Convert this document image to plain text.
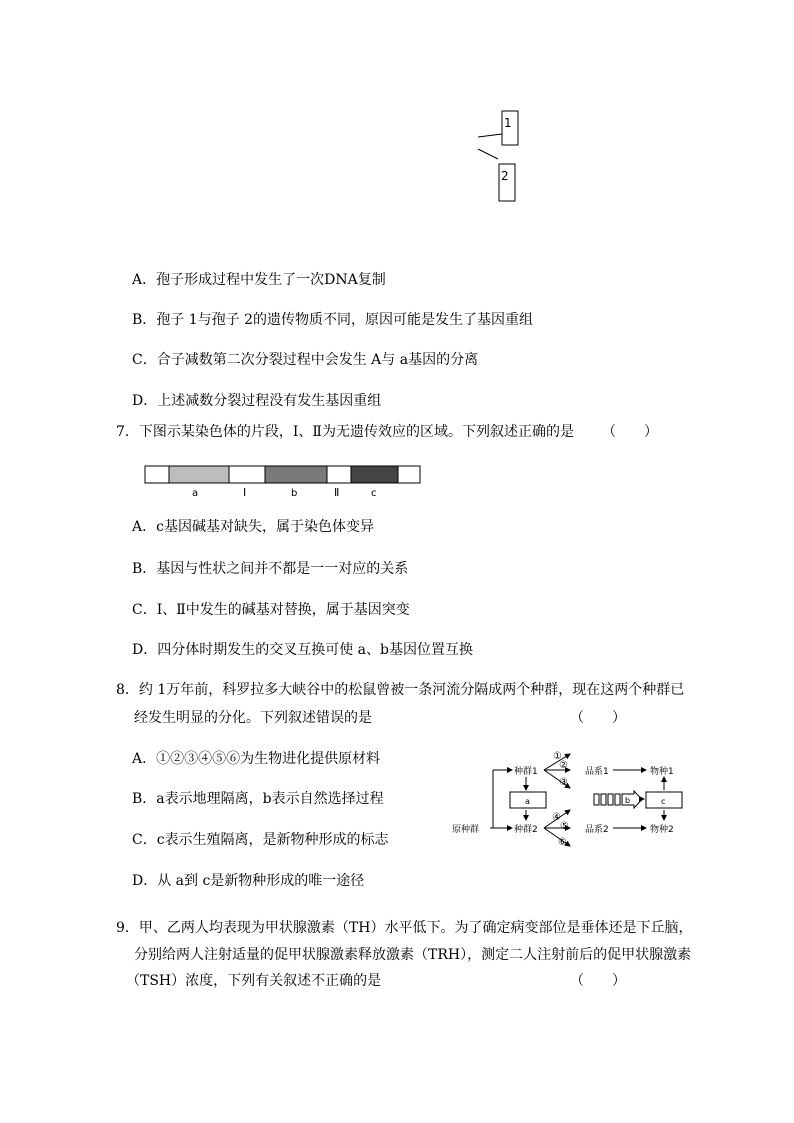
1
2
A．孢子形成过程中发生了一次DNA复制
B．孢子 1与孢子 2的遗传物质不同，原因可能是发生了基因重组
C．合子减数第二次分裂过程中会发生 A与 a基因的分离
D．上述减数分裂过程没有发生基因重组
7．下图示某染色体的片段，Ⅰ、Ⅱ为无遗传效应的区域。下列叙述正确的是 （　　）
a	Ⅰ	b	Ⅱ	c
A．c基因碱基对缺失，属于染色体变异
B．基因与性状之间并不都是一一对应的关系
C．Ⅰ、Ⅱ中发生的碱基对替换，属于基因突变
D．四分体时期发生的交叉互换可使 a、b基因位置互换
8．约 1万年前，科罗拉多大峡谷中的松鼠曾被一条河流分隔成两个种群，现在这两个种群已
经发生明显的分化。下列叙述错误的是	（　　）
A．①②③④⑤⑥为生物进化提供原材料
B．a表示地理隔离，b表示自然选择过程
C．c表示生殖隔离，是新物种形成的标志
D．从 a到 c是新物种形成的唯一途径
原种群
种群1
种群2
a
①
②
③
④
⑤
⑥
品系1
品系2
b	c
物种1
物种2
9．甲、乙两人均表现为甲状腺激素（TH）水平低下。为了确定病变部位是垂体还是下丘脑，
分别给两人注射适量的促甲状腺激素释放激素（TRH），测定二人注射前后的促甲状腺激素
（TSH）浓度，下列有关叙述不正确的是	（　　）
